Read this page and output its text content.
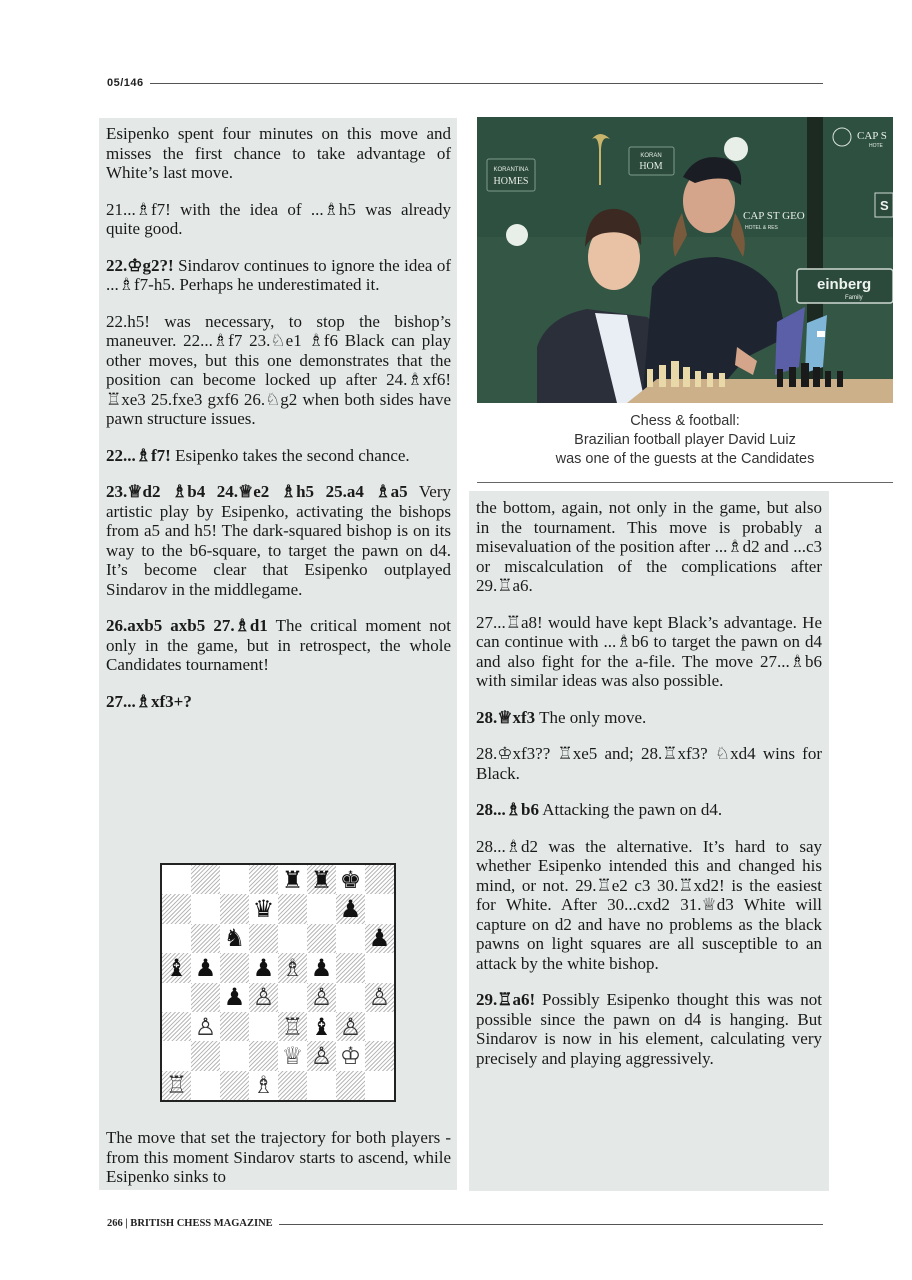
05/146

Esipenko spent four minutes on this move and misses the first chance to take advantage of White’s last move.

21...♗f7! with the idea of ...♗h5 was already quite good.

22.♔g2?! Sindarov continues to ignore the idea of ...♗f7-h5. Perhaps he underestimated it.

22.h5! was necessary, to stop the bishop’s maneuver. 22...♗f7 23.♘e1 ♗f6 Black can play other moves, but this one demonstrates that the position can become locked up after 24.♗xf6! ♖xe3 25.fxe3 gxf6 26.♘g2 when both sides have pawn structure issues.

22...♗f7! Esipenko takes the second chance.

23.♕d2 ♗b4 24.♕e2 ♗h5 25.a4 ♗a5 Very artistic play by Esipenko, activating the bishops from a5 and h5! The dark-squared bishop is on its way to the b6-square, to target the pawn on d4. It’s become clear that Esipenko outplayed Sindarov in the middlegame.

26.axb5 axb5 27.♗d1 The critical moment not only in the game, but in retrospect, the whole Candidates tournament!

27...♗xf3+?

♜ ♜ ♚
♛	♟
♞	♟
♝ ♟ ♟ ♗ ♟
♟ ♙ ♙ ♙
♙	♖ ♝ ♙
♕ ♙ ♔
♖	♗

The move that set the trajectory for both players - from this moment Sindarov starts to ascend, while Esipenko sinks to

KORANTINA
HOMES
KORAN
HOM
CAP ST GEO
HOTEL & RES
CAP S
HOTE
einberg
Family
S
Chess & football:
Brazilian football player David Luiz
was one of the guests at the Candidates

the bottom, again, not only in the game, but also in the tournament. This move is probably a misevaluation of the position after ...♗d2 and ...c3 or miscalculation of the complications after 29.♖a6.

27...♖a8! would have kept Black’s advantage. He can continue with ...♗b6 to target the pawn on d4 and also fight for the a-file. The move 27...♗b6 with similar ideas was also possible.

28.♕xf3 The only move.

28.♔xf3?? ♖xe5 and; 28.♖xf3? ♘xd4 wins for Black.

28...♗b6 Attacking the pawn on d4.

28...♗d2 was the alternative. It’s hard to say whether Esipenko intended this and changed his mind, or not. 29.♖e2 c3 30.♖xd2! is the easiest for White. After 30...cxd2 31.♕d3 White will capture on d2 and have no problems as the black pawns on light squares are all susceptible to an attack by the white bishop.

29.♖a6! Possibly Esipenko thought this was not possible since the pawn on d4 is hanging. But Sindarov is now in his element, calculating very precisely and playing aggressively.

266 | BRITISH CHESS MAGAZINE
